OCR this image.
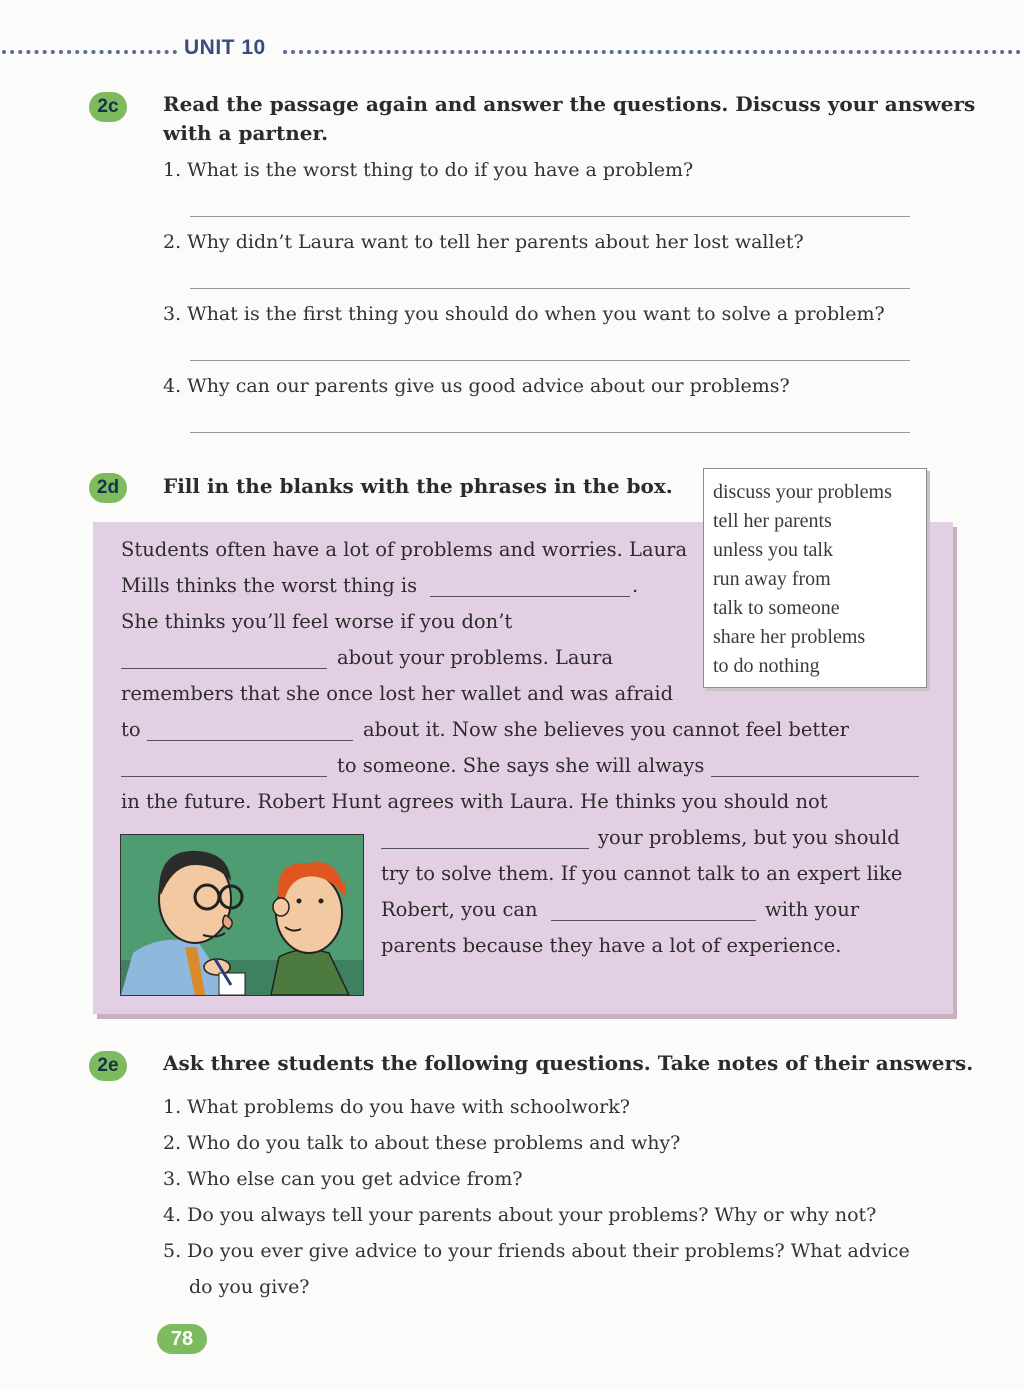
UNIT 10
2c	Read the passage again and answer the questions. Discuss your answers
with a partner.
1. What is the worst thing to do if you have a problem?
2. Why didn’t Laura want to tell her parents about her lost wallet?
3. What is the first thing you should do when you want to solve a problem?
4. Why can our parents give us good advice about our problems?
2d	Fill in the blanks with the phrases in the box.
Students often have a lot of problems and worries. Laura
Mills thinks the worst thing is	.
She thinks you’ll feel worse if you don’t
about your problems. Laura
remembers that she once lost her wallet and was afraid
to	about it. Now she believes you cannot feel better
to someone. She says she will always
in the future. Robert Hunt agrees with Laura. He thinks you should not
your problems, but you should
try to solve them. If you cannot talk to an expert like
Robert, you can	with your
parents because they have a lot of experience.
discuss your problems
tell her parents
unless you talk
run away from
talk to someone
share her problems
to do nothing
2e	Ask three students the following questions. Take notes of their answers.
1. What problems do you have with schoolwork?
2. Who do you talk to about these problems and why?
3. Who else can you get advice from?
4. Do you always tell your parents about your problems? Why or why not?
5. Do you ever give advice to your friends about their problems? What advice
do you give?
78
